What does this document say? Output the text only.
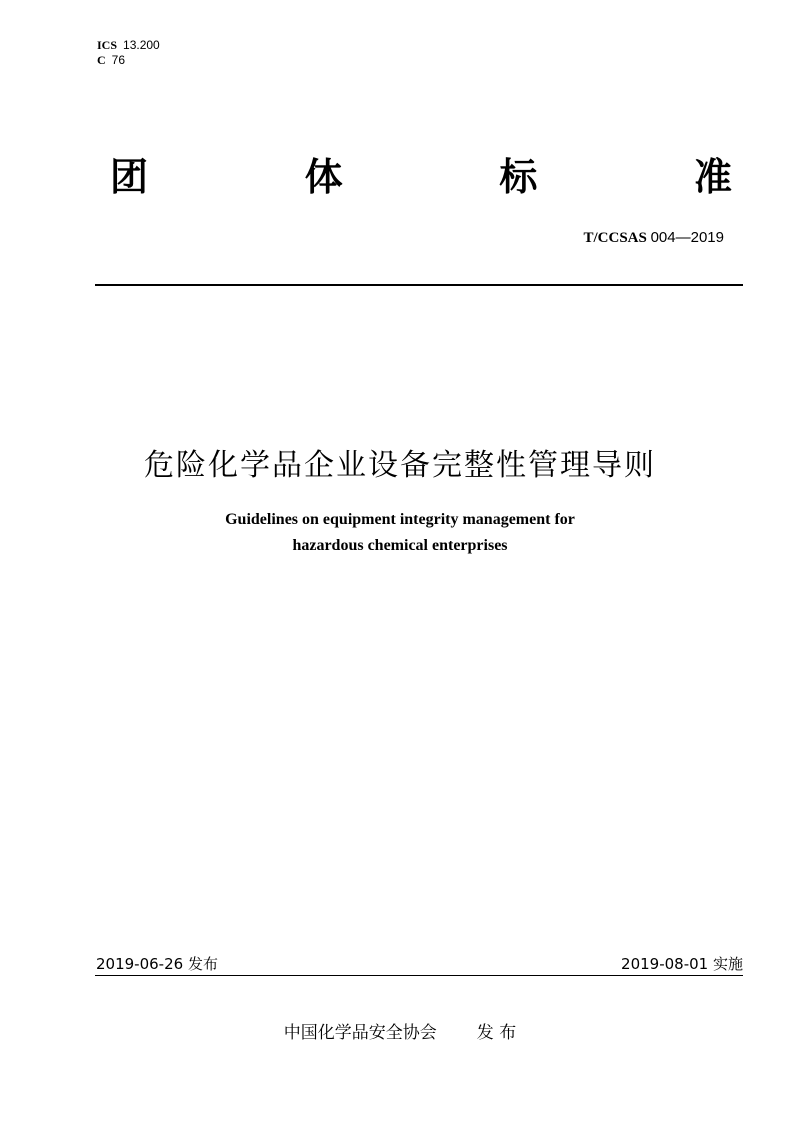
ICS 13.200
C 76
团	体	标	准
T/CCSAS 004—2019
危险化学品企业设备完整性管理导则
Guidelines on equipment integrity management for
hazardous chemical enterprises
2019-06-26 发布	2019-08-01 实施
中国化学品安全协会 发 布
